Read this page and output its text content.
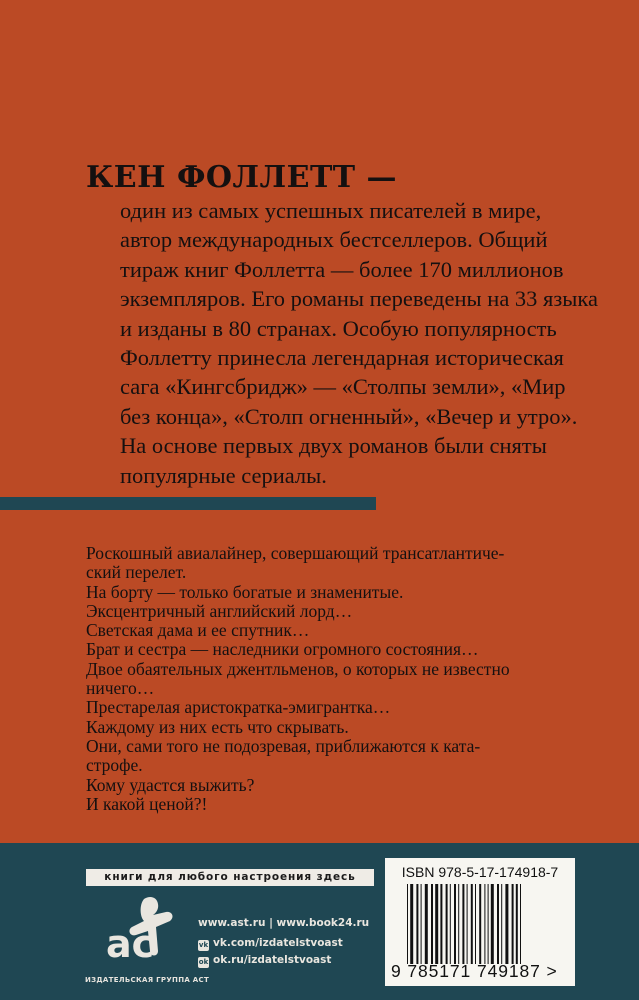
КЕН ФОЛЛЕТТ —
один из самых успешных писателей в мире,
автор международных бестселлеров. Общий
тираж книг Фоллетта — более 170 миллионов
экземпляров. Его романы переведены на 33 языка
и изданы в 80 странах. Особую популярность
Фоллетту принесла легендарная историческая
сага «Кингсбридж» — «Столпы земли», «Мир
без конца», «Столп огненный», «Вечер и утро».
На основе первых двух романов были сняты
популярные сериалы.
Роскошный авиалайнер, совершающий трансатлантиче-
ский перелет.
На борту — только богатые и знаменитые.
Эксцентричный английский лорд…
Светская дама и ее спутник…
Брат и сестра — наследники огромного состояния…
Двое обаятельных джентльменов, о которых не известно
ничего…
Престарелая аристократка-эмигрантка…
Каждому из них есть что скрывать.
Они, сами того не подозревая, приближаются к ката-
строфе.
Кому удастся выжить?
И какой ценой?!
книги для любого настроения здесь
ac
ИЗДАТЕЛЬСКАЯ ГРУППА АСТ
www.ast.ru | www.book24.ru
vk vk.com/izdatelstvoast
ok ok.ru/izdatelstvoast
ISBN 978-5-17-174918-7
9 785171 749187 >
